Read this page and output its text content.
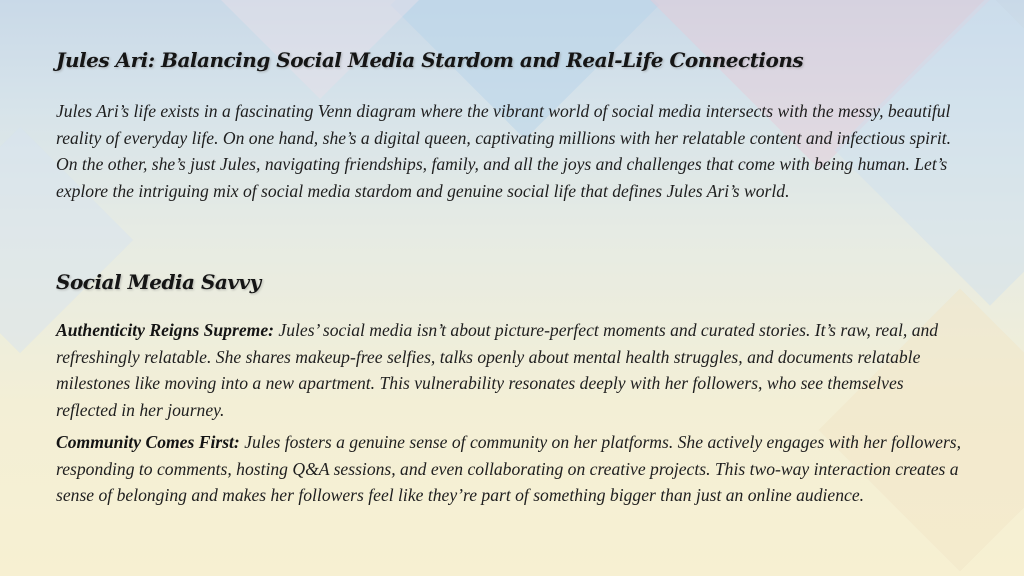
Jules Ari: Balancing Social Media Stardom and Real-Life Connections

Jules Ari’s life exists in a fascinating Venn diagram where the vibrant world of social media intersects with the messy, beautiful reality of everyday life. On one hand, she’s a digital queen, captivating millions with her relatable content and infectious spirit. On the other, she’s just Jules, navigating friendships, family, and all the joys and challenges that come with being human. Let’s explore the intriguing mix of social media stardom and genuine social life that defines Jules Ari’s world.

Social Media Savvy

Authenticity Reigns Supreme: Jules’ social media isn’t about picture-perfect moments and curated stories. It’s raw, real, and refreshingly relatable. She shares makeup-free selfies, talks openly about mental health struggles, and documents relatable milestones like moving into a new apartment. This vulnerability resonates deeply with her followers, who see themselves reflected in her journey.

Community Comes First: Jules fosters a genuine sense of community on her platforms. She actively engages with her followers, responding to comments, hosting Q&A sessions, and even collaborating on creative projects. This two-way interaction creates a sense of belonging and makes her followers feel like they’re part of something bigger than just an online audience.
